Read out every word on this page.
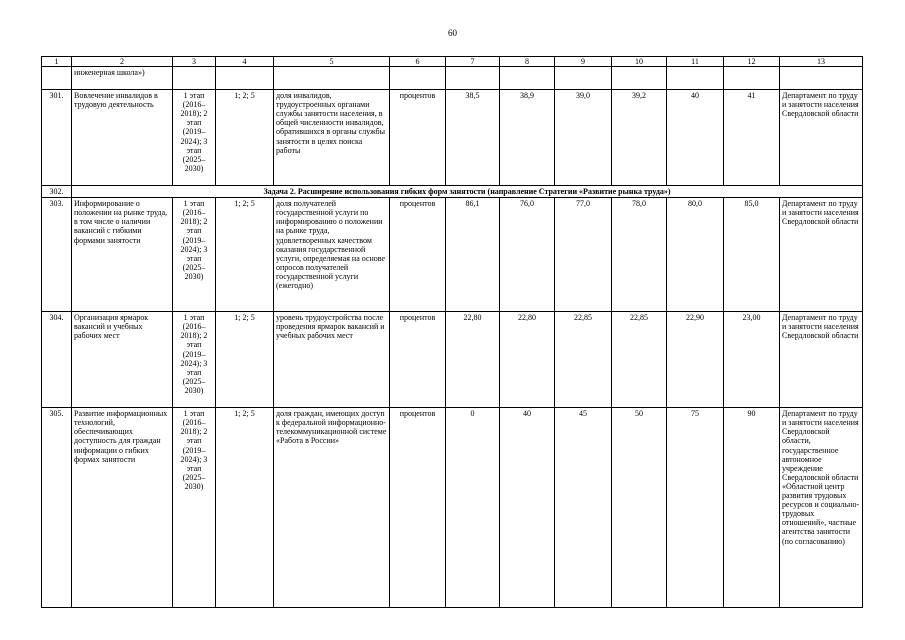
60
1	2	3	4	5	6	7	8	9	10	11	12	13
	инженерная школа»)											
301.	Вовлечение инвалидов в трудовую деятельность	1 этап (2016–2018); 2 этап (2019–2024); 3 этап (2025–2030)	1; 2; 5	доля инвалидов, трудоустроенных органами службы занятости населения, в общей численности инвалидов, обратившихся в органы службы занятости в целях поиска работы	процентов	38,5	38,9	39,0	39,2	40	41	Департамент по труду и занятости населения Свердловской области
302.	Задача 2. Расширение использования гибких форм занятости (направление Стратегии «Развитие рынка труда»)											
303.	Информирование о положении на рынке труда, в том числе о наличии вакансий с гибкими формами занятости	1 этап (2016–2018); 2 этап (2019–2024); 3 этап (2025–2030)	1; 2; 5	доля получателей государственной услуги по информированию о положении на рынке труда, удовлетворенных качеством оказания государственной услуги, определяемая на основе опросов получателей государственной услуги (ежегодно)	процентов	86,1	76,0	77,0	78,0	80,0	85,0	Департамент по труду и занятости населения Свердловской области
304.	Организация ярмарок вакансий и учебных рабочих мест	1 этап (2016–2018); 2 этап (2019–2024); 3 этап (2025–2030)	1; 2; 5	уровень трудоустройства после проведения ярмарок вакансий и учебных рабочих мест	процентов	22,80	22,80	22,85	22,85	22,90	23,00	Департамент по труду и занятости населения Свердловской области
305.	Развитие информационных технологий, обеспечивающих доступность для граждан информации о гибких формах занятости	1 этап (2016–2018); 2 этап (2019–2024); 3 этап (2025–2030)	1; 2; 5	доля граждан, имеющих доступ к федеральной информационно-телекоммуникационной системе «Работа в России»	процентов	0	40	45	50	75	90	Департамент по труду и занятости населения Свердловской области, государственное автономное учреждение Свердловской области «Областной центр развития трудовых ресурсов и социально-трудовых отношений», частные агентства занятости (по согласованию)
